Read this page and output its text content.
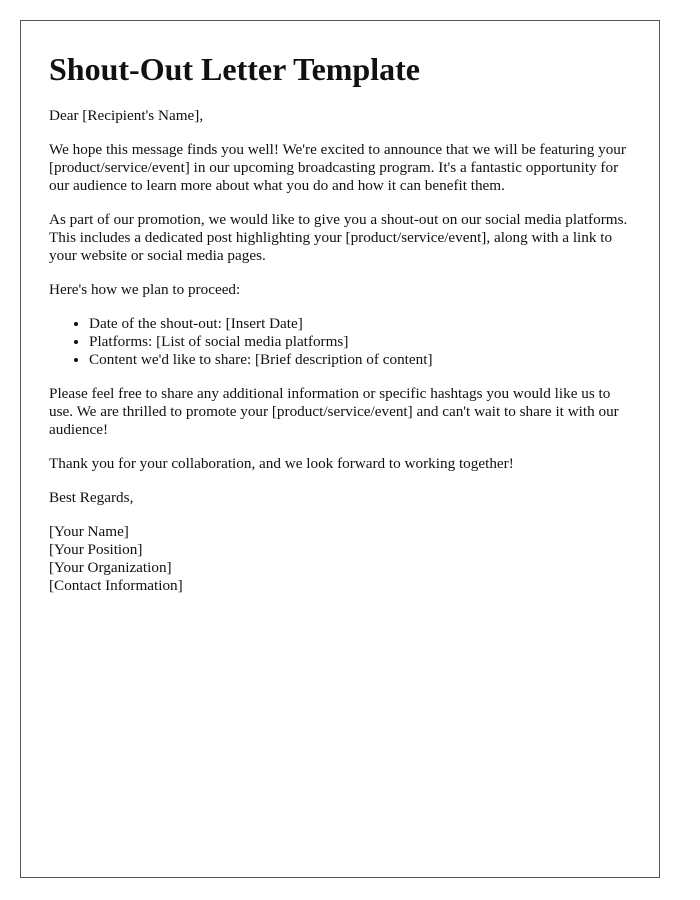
Shout-Out Letter Template

Dear [Recipient's Name],

We hope this message finds you well! We're excited to announce that we will be featuring your [product/service/event] in our upcoming broadcasting program. It's a fantastic opportunity for our audience to learn more about what you do and how it can benefit them.

As part of our promotion, we would like to give you a shout-out on our social media platforms. This includes a dedicated post highlighting your [product/service/event], along with a link to your website or social media pages.

Here's how we plan to proceed:

• Date of the shout-out: [Insert Date]
• Platforms: [List of social media platforms]
• Content we'd like to share: [Brief description of content]

Please feel free to share any additional information or specific hashtags you would like us to use. We are thrilled to promote your [product/service/event] and can't wait to share it with our audience!

Thank you for your collaboration, and we look forward to working together!

Best Regards,

[Your Name]
[Your Position]
[Your Organization]
[Contact Information]
